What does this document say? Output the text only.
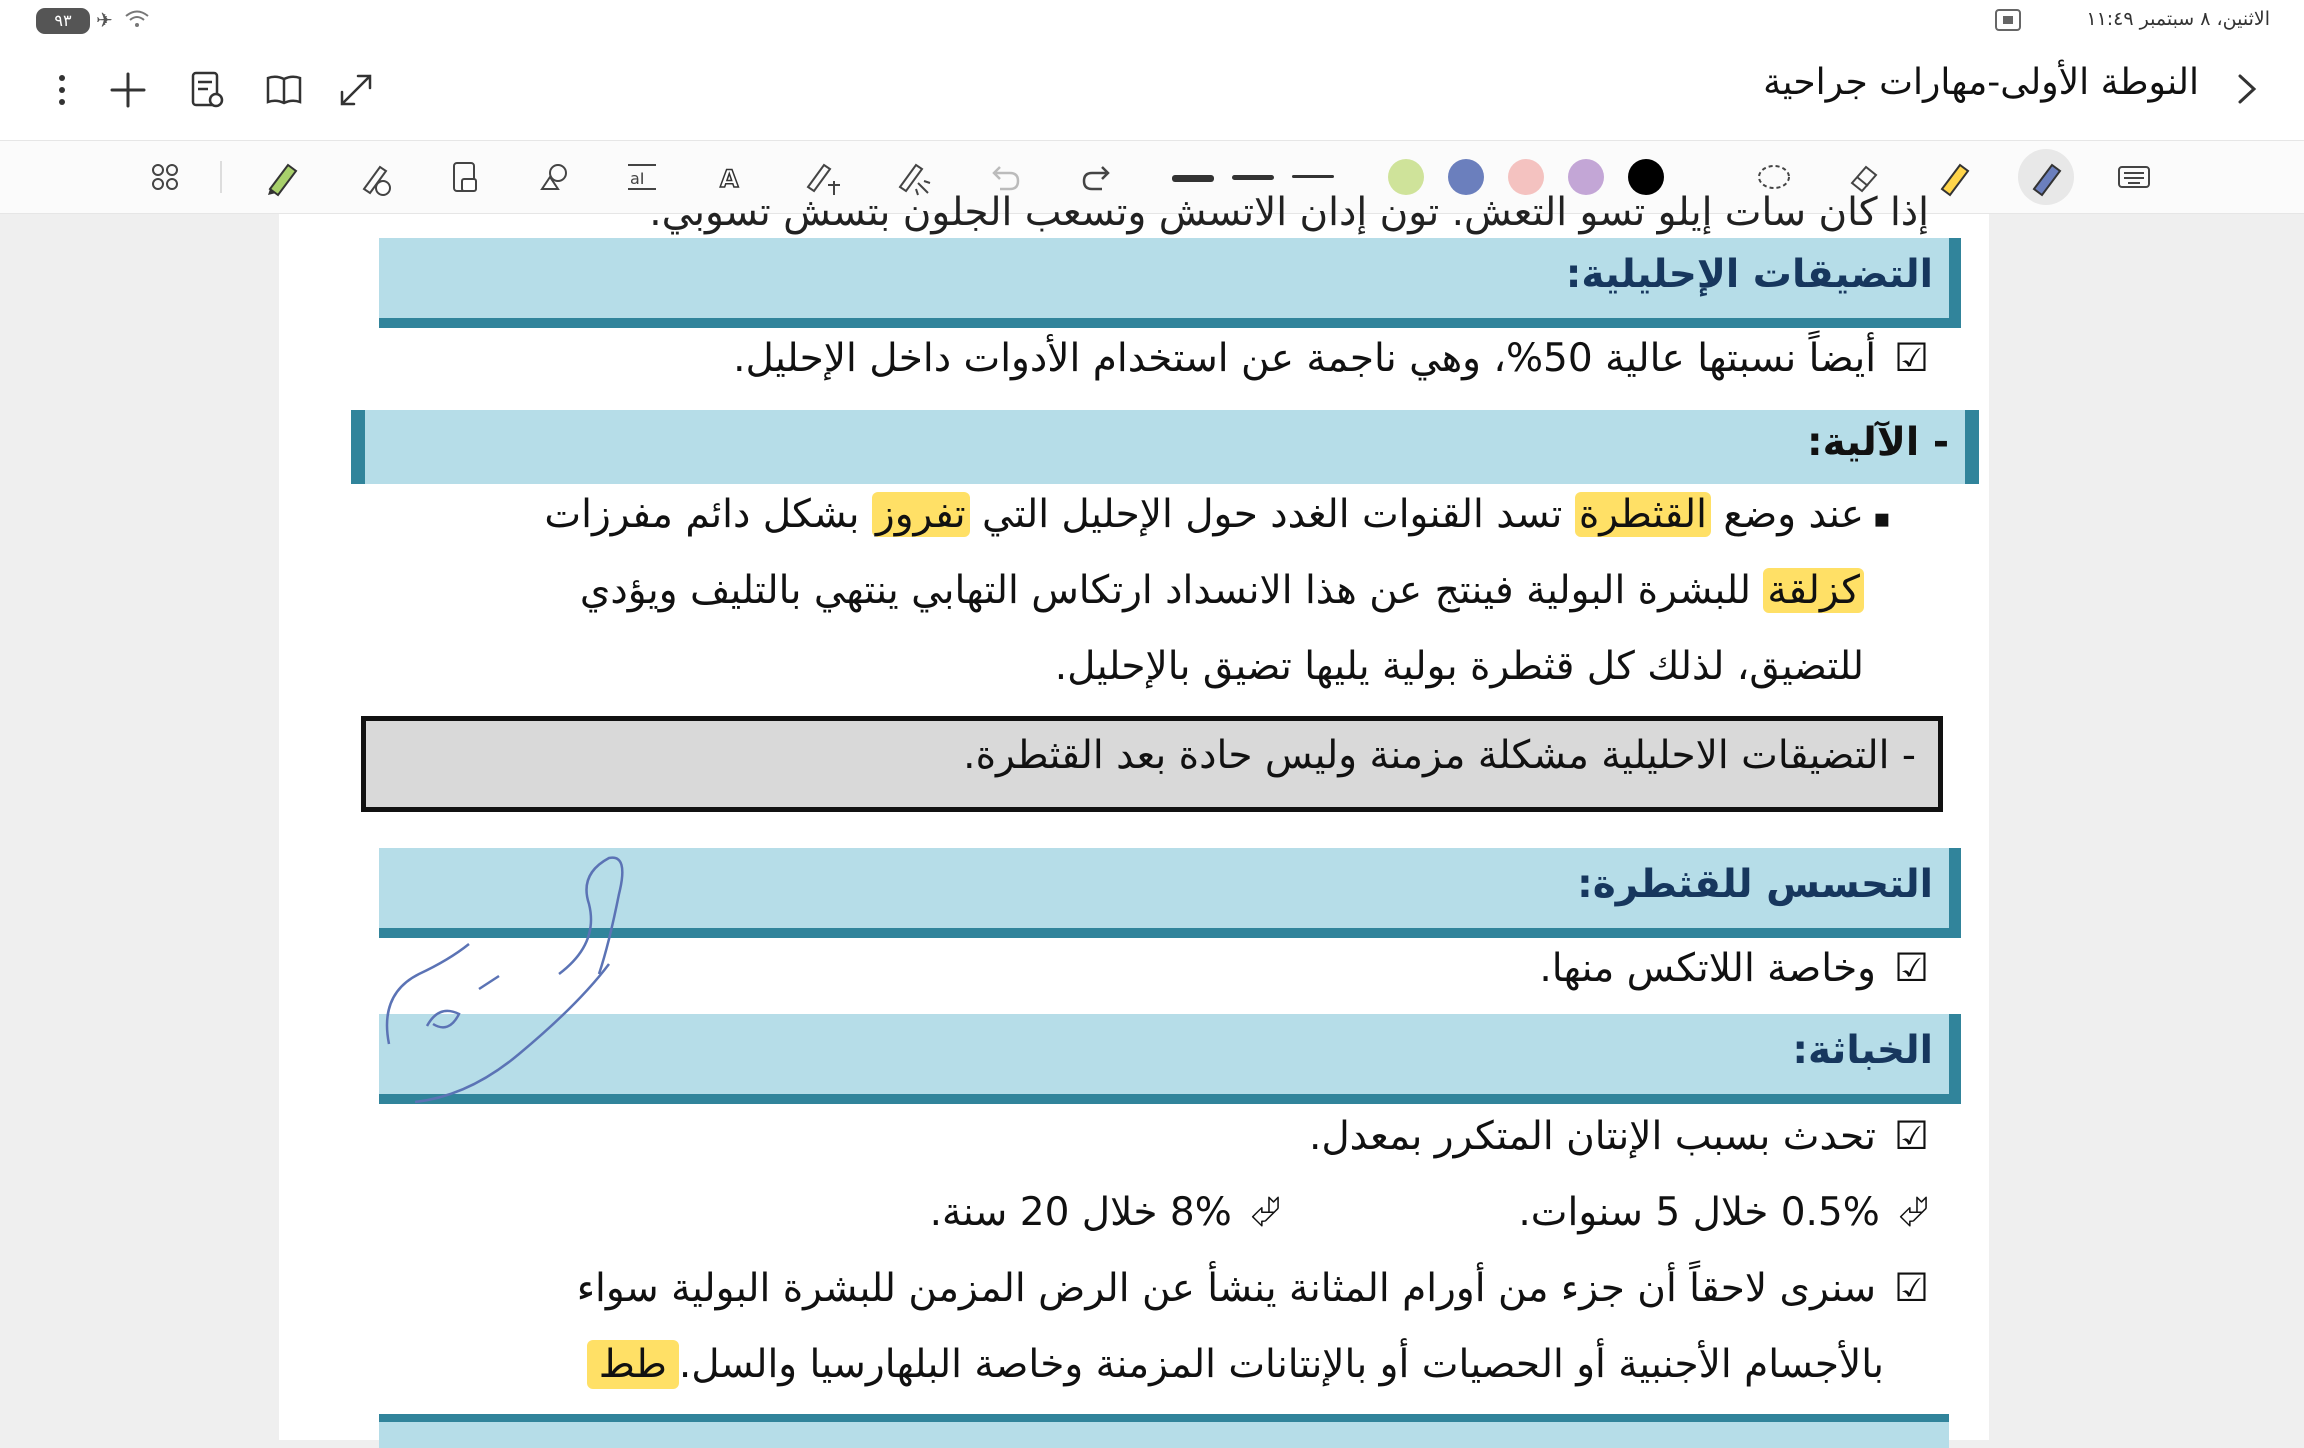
٩٣	✈	الاثنين، ٨ سبتمبر ١١:٤٩
النوطة الأولى-مهارات جراحية
aI	A
إذا كان سات إيلو تسو التعش. تون إدان الاتسش وتسعب الجلون بتسش تسوبي.
التضيقات الإحليلية:
☑أيضاً نسبتها عالية 50%، وهي ناجمة عن استخدام الأدوات داخل الإحليل.
- الآلية:
▪
عند وضع القثطرة تسد القنوات الغدد حول الإحليل التي تفروز بشكل دائم مفرزات
كزلقة للبشرة البولية فينتج عن هذا الانسداد ارتكاس التهابي ينتهي بالتليف ويؤدي
للتضيق، لذلك كل قثطرة بولية يليها تضيق بالإحليل.
- التضيقات الاحليلية مشكلة مزمنة وليس حادة بعد القثطرة.
التحسس للقثطرة:
☑وخاصة اللاتكس منها.
الخباثة:
☑تحدث بسبب الإنتان المتكرر بمعدل.
⮰0.5% خلال 5 سنوات.
⮰8% خلال 20 سنة.
☑سنرى لاحقاً أن جزء من أورام المثانة ينشأ عن الرض المزمن للبشرة البولية سواء
بالأجسام الأجنبية أو الحصيات أو بالإنتانات المزمنة وخاصة البلهارسيا والسل.طط
